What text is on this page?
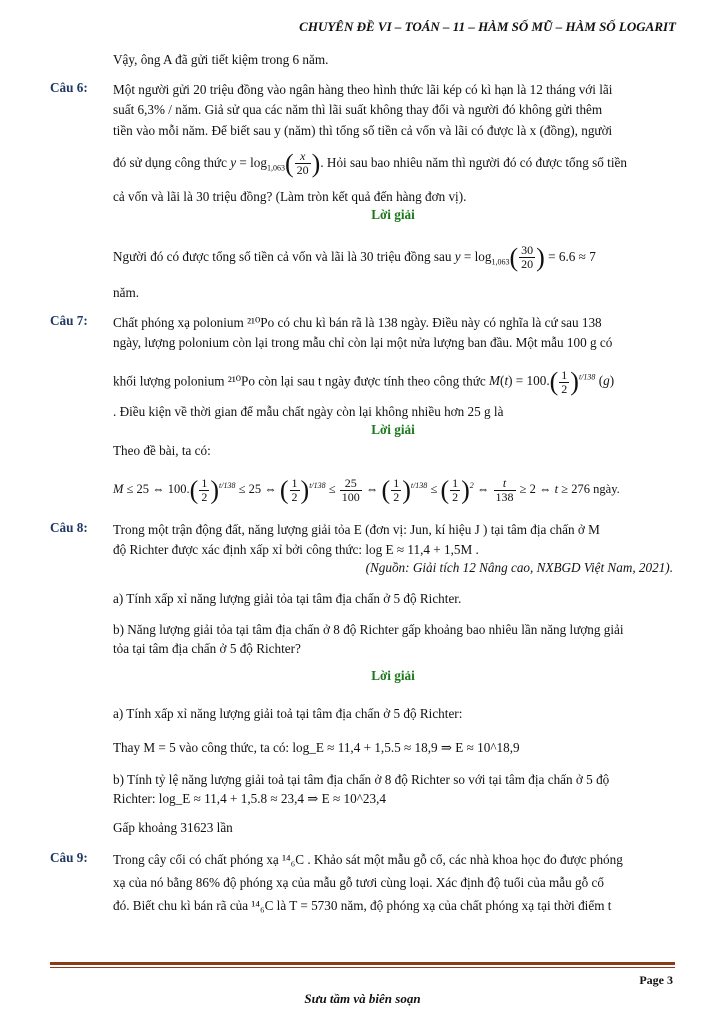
CHUYÊN ĐỀ VI – TOÁN – 11 – HÀM SỐ MŨ – HÀM SỐ LOGARIT

Vậy, ông A đã gửi tiết kiệm trong 6 năm.

Câu 6: Một người gửi 20 triệu đồng vào ngân hàng theo hình thức lãi kép có kì hạn là 12 tháng với lãi

suất 6,3% / năm. Giả sử qua các năm thì lãi suất không thay đổi và người đó không gửi thêm

tiền vào mỗi năm. Để biết sau y (năm) thì tổng số tiền cả vốn và lãi có được là x (đồng), người

đó sử dụng công thức $y = \log_{1,063}( \frac{x}{20}$ ). Hỏi sau bao nhiêu năm thì người đó có được tổng số tiền

cả vốn và lãi là 30 triệu đồng? (Làm tròn kết quả đến hàng đơn vị).

Lời giải
Người đó có được tổng số tiền cả vốn và lãi là 30 triệu đồng sau $y = \log_{1,063}( \frac{30}{20}$ ) = 6.6 ≈ 7

năm.

Câu 7: Chất phóng xạ polonium ²¹⁰Po có chu kì bán rã là 138 ngày. Điều này có nghĩa là cứ sau 138

ngày, lượng polonium còn lại trong mẫu chỉ còn lại một nửa lượng ban đầu. Một mẫu 100 g có

khối lượng polonium ²¹⁰Po còn lại sau t ngày được tính theo công thức $M(t) = 100.( \frac{1}{2} )^{t/138}$ (g)

. Điều kiện về thời gian để mẫu chất ngày còn lại không nhiều hơn 25 g là

Lời giải

Theo đề bài, ta có:

M ≤ 25 ⇔ $100.( \frac{1}{2} )^{t/138} \le 25$ ⇔ ( $\frac{1}{2} )^{t/138} \le \frac{25}{100}$ ⇔ ( $\frac{1}{2} )^{t/138}$ ≤ ( $\frac{1}{2} )^2$ ⇔ $\frac{t}{138} \ge 2$ ⇔ t ≥ 276 ngày.
Câu 8: Trong một trận động đất, năng lượng giải tỏa E (đơn vị: Jun, kí hiệu J ) tại tâm địa chấn ở M

độ Richter được xác định xấp xỉ bởi công thức: log E ≈ 11,4 + 1,5M .

(Nguồn: Giải tích 12 Nâng cao, NXBGD Việt Nam, 2021).

a) Tính xấp xỉ năng lượng giải tỏa tại tâm địa chấn ở 5 độ Richter.

b) Năng lượng giải tỏa tại tâm địa chấn ở 8 độ Richter gấp khoảng bao nhiêu lần năng lượng giải

tỏa tại tâm địa chấn ở 5 độ Richter?

Lời giải

a) Tính xấp xỉ năng lượng giải toả tại tâm địa chấn ở 5 độ Richter:

Thay M = 5 vào công thức, ta có: log_E ≈ 11,4 + 1,5.5 ≈ 18,9 ⇒ E ≈ 10^18,9

b) Tính tỷ lệ năng lượng giải toả tại tâm địa chấn ở 8 độ Richter so với tại tâm địa chấn ở 5 độ

Richter: log_E ≈ 11,4 + 1,5.8 ≈ 23,4 ⇒ E ≈ 10^23,4

Gấp khoảng 31623 lần

Câu 9: Trong cây cối có chất phóng xạ ¹⁴₆C . Khảo sát một mẫu gỗ cổ, các nhà khoa học đo được phóng

xạ của nó bằng 86% độ phóng xạ của mẫu gỗ tươi cùng loại. Xác định độ tuổi của mẫu gỗ cổ

đó. Biết chu kì bán rã của ¹⁴₆C là T = 5730 năm, độ phóng xạ của chất phóng xạ tại thời điểm t

Page 3
Sưu tầm và biên soạn
